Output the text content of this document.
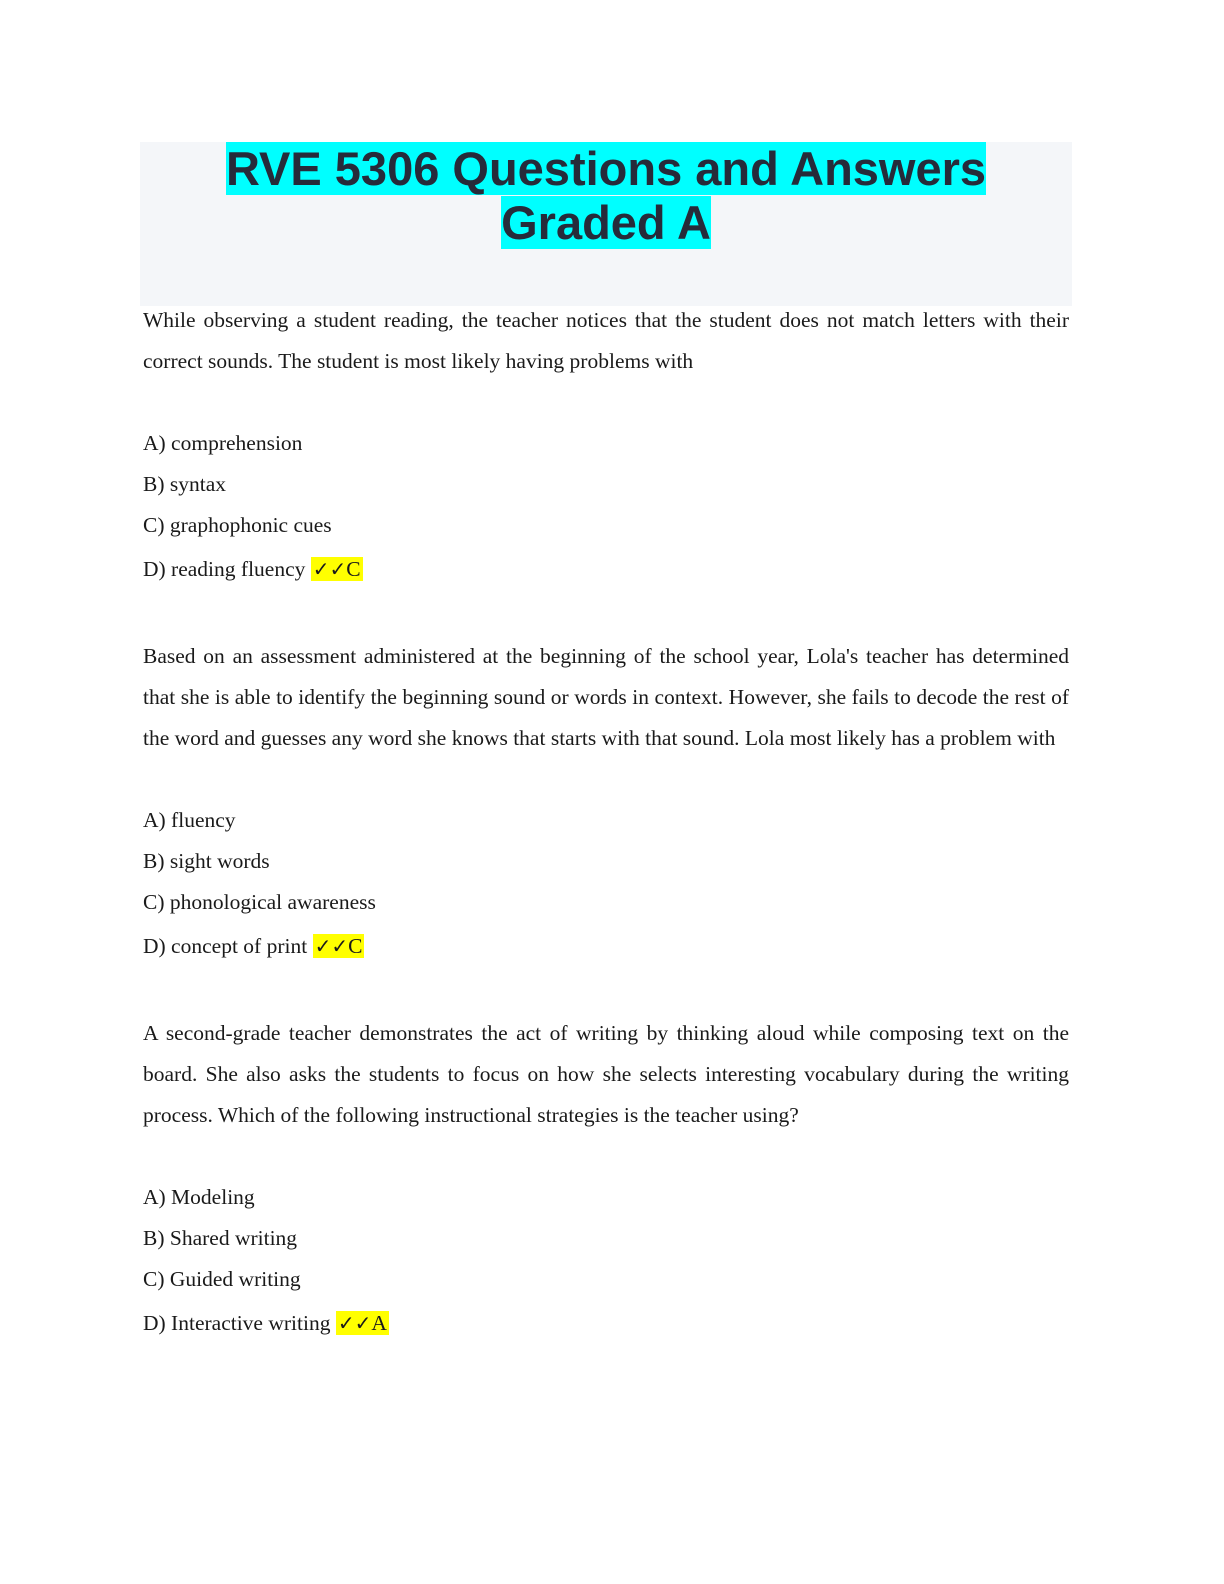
RVE 5306 Questions and Answers
Graded A

While observing a student reading, the teacher notices that the student does not match letters with their correct sounds. The student is most likely having problems with

A) comprehension
B) syntax
C) graphophonic cues
D) reading fluency ✓✓C

Based on an assessment administered at the beginning of the school year, Lola's teacher has determined that she is able to identify the beginning sound or words in context. However, she fails to decode the rest of the word and guesses any word she knows that starts with that sound. Lola most likely has a problem with

A) fluency
B) sight words
C) phonological awareness
D) concept of print ✓✓C

A second-grade teacher demonstrates the act of writing by thinking aloud while composing text on the board. She also asks the students to focus on how she selects interesting vocabulary during the writing process. Which of the following instructional strategies is the teacher using?

A) Modeling
B) Shared writing
C) Guided writing
D) Interactive writing ✓✓A
